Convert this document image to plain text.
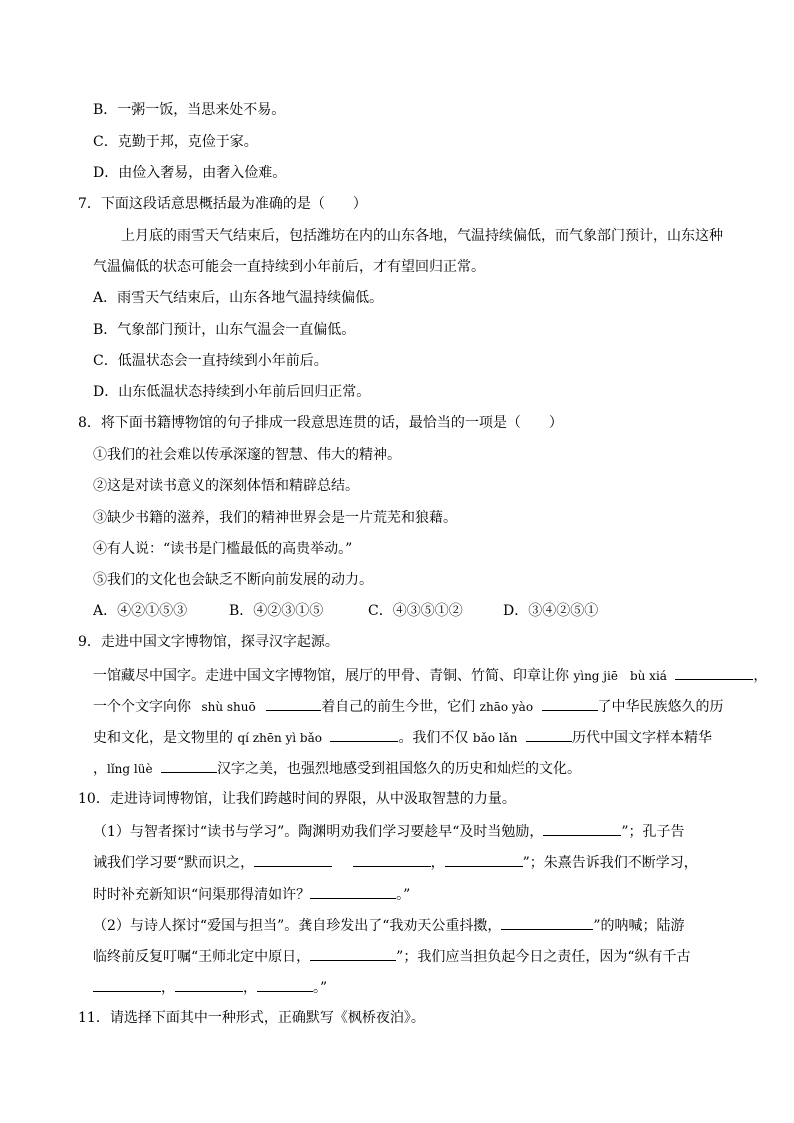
B．一粥一饭，当思来处不易。
C．克勤于邦，克俭于家。
D．由俭入奢易，由奢入俭难。
7．下面这段话意思概括最为准确的是（　　）
上月底的雨雪天气结束后，包括潍坊在内的山东各地，气温持续偏低，而气象部门预计，山东这种
气温偏低的状态可能会一直持续到小年前后，才有望回归正常。
A．雨雪天气结束后，山东各地气温持续偏低。
B．气象部门预计，山东气温会一直偏低。
C．低温状态会一直持续到小年前后。
D．山东低温状态持续到小年前后回归正常。
8．将下面书籍博物馆的句子排成一段意思连贯的话，最恰当的一项是（　　）
①我们的社会难以传承深邃的智慧、伟大的精神。
②这是对读书意义的深刻体悟和精辟总结。
③缺少书籍的滋养，我们的精神世界会是一片荒芜和狼藉。
④有人说：“读书是门槛最低的高贵举动。”
⑤我们的文化也会缺乏不断向前发展的动力。
A．④②①⑤③	B．④②③①⑤	C．④③⑤①②	D．③④②⑤①
9．走进中国文字博物馆，探寻汉字起源。
一馆藏尽中国字。走进中国文字博物馆，展厅的甲骨、青铜、竹简、印章让你 yìng jiē　bù xiá	，
一个个文字向你 shù shuō	着自己的前生今世，它们 zhāo yào	了中华民族悠久的历
史和文化，是文物里的 qí zhēn yì bǎo	。我们不仅 bǎo lǎn	历代中国文字样本精华
，lǐng lüè	汉字之美，也强烈地感受到祖国悠久的历史和灿烂的文化。
10．走进诗词博物馆，让我们跨越时间的界限，从中汲取智慧的力量。
（1）与智者探讨“读书与学习”。陶渊明劝我们学习要趁早“及时当勉励，	”；孔子告
诫我们学习要“默而识之，	，	”；朱熹告诉我们不断学习，
时时补充新知识“问渠那得清如许？	。”
（2）与诗人探讨“爱国与担当”。龚自珍发出了“我劝天公重抖擞，	”的呐喊；陆游
临终前反复叮嘱“王师北定中原日，	”；我们应当担负起今日之责任，因为“纵有千古
，	，	。”
11．请选择下面其中一种形式，正确默写《枫桥夜泊》。
